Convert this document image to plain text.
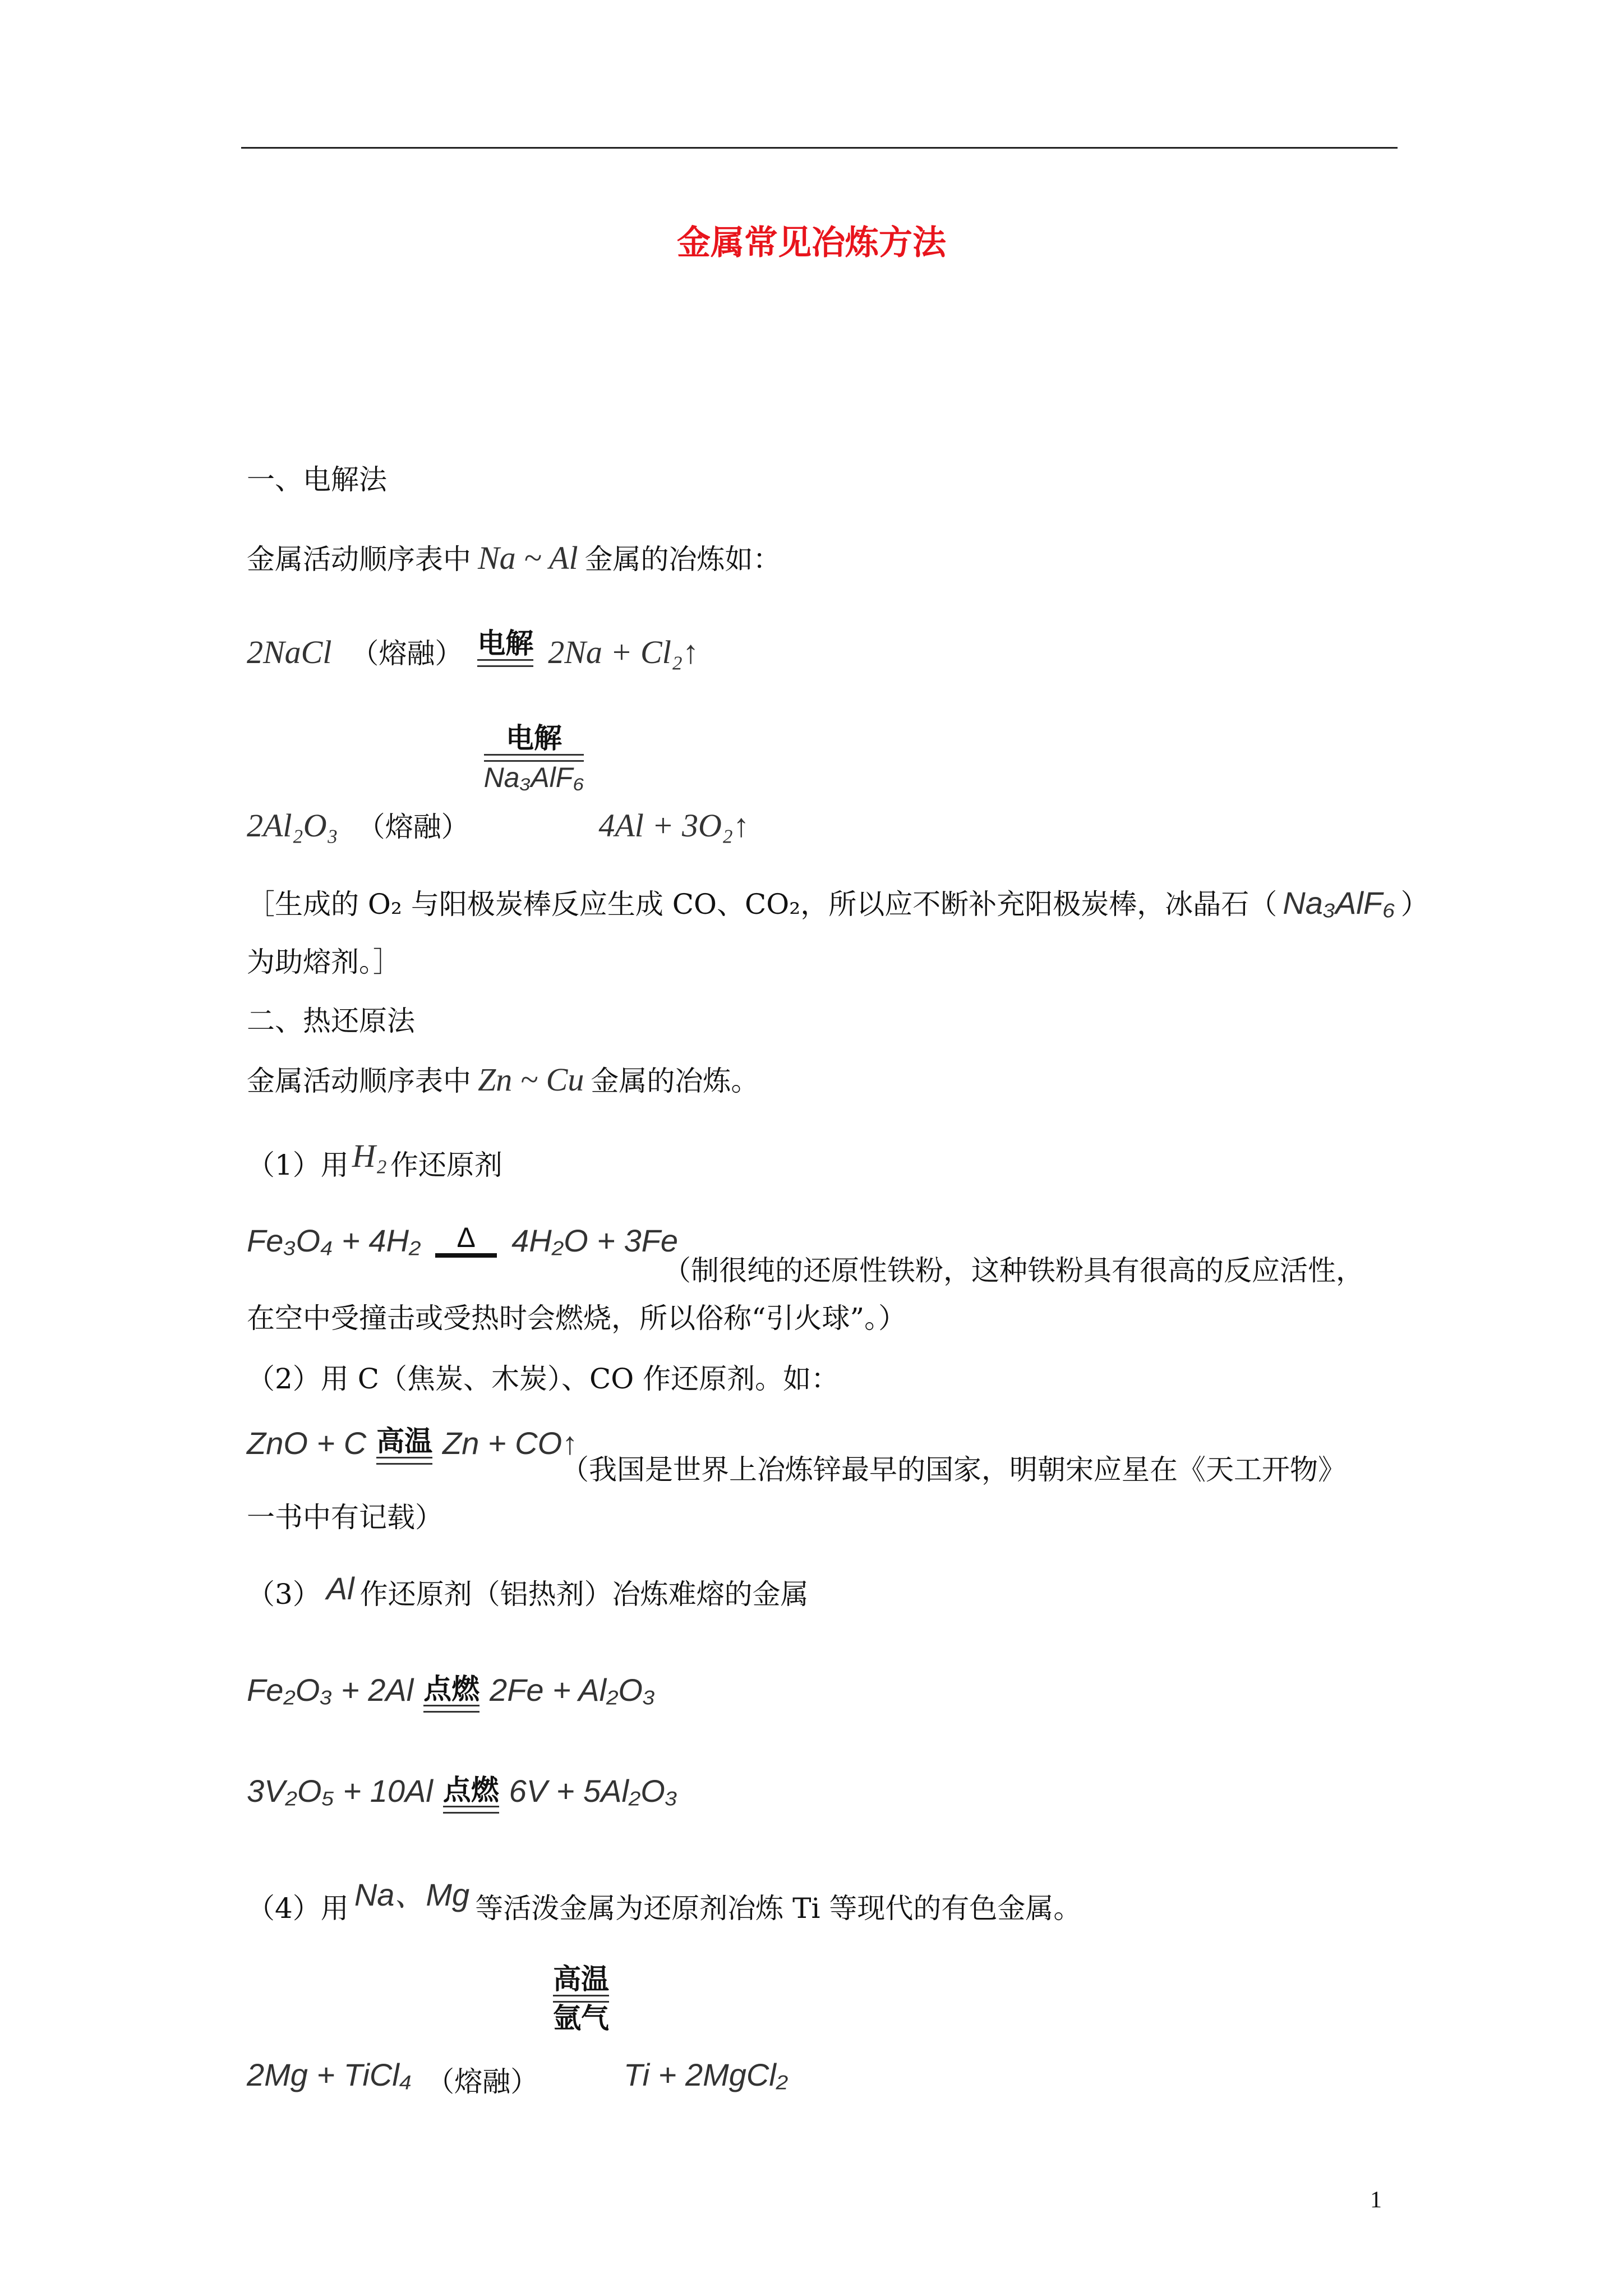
金属常见冶炼方法
一、电解法
金属活动顺序表中 Na ~ Al 金属的冶炼如：
2NaCl （熔融） 电解 2Na + Cl₂↑
2Al₂O₃ （熔融）
电解
Na₃AlF₆
4Al + 3O₂↑
［生成的 O₂ 与阳极炭棒反应生成 CO、CO₂，所以应不断补充阳极炭棒，冰晶石（ Na₃AlF₆ ）
为助熔剂。］
二、热还原法
金属活动顺序表中 Zn ~ Cu 金属的冶炼。
（1）用 H₂ 作还原剂
Fe₃O₄ + 4H₂	Δ	4H₂O + 3Fe
（制很纯的还原性铁粉，这种铁粉具有很高的反应活性，
在空中受撞击或受热时会燃烧，所以俗称“引火球”。）
（2）用 C（焦炭、木炭）、CO 作还原剂。如：
ZnO + C 高温 Zn + CO↑
（我国是世界上冶炼锌最早的国家，明朝宋应星在《天工开物》
一书中有记载）
（3） Al 作还原剂（铝热剂）冶炼难熔的金属
Fe₂O₃ + 2Al 点燃 2Fe + Al₂O₃
3V₂O₅ + 10Al 点燃 6V + 5Al₂O₃
（4）用 Na、Mg 等活泼金属为还原剂冶炼 Ti 等现代的有色金属。
2Mg + TiCl₄ （熔融）
高温
氩气
Ti + 2MgCl₂
1
